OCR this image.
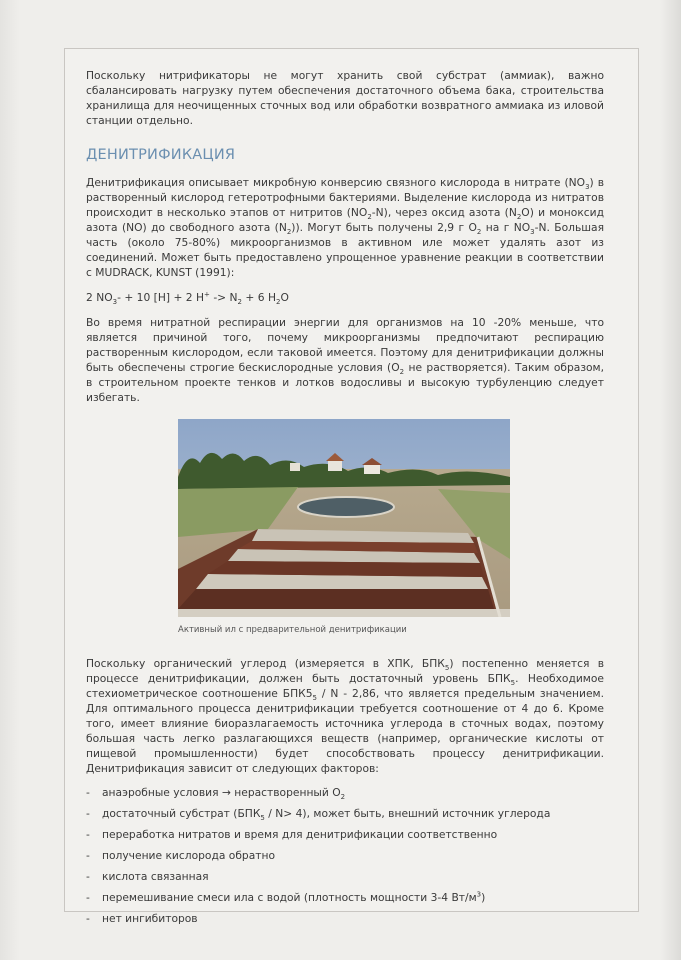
Поскольку нитрификаторы не могут хранить свой субстрат (аммиак), важно сбалансировать нагрузку путем обеспечения достаточного объема бака, строительства хранилища для неочищенных сточных вод или обработки возвратного аммиака из иловой станции отдельно.

ДЕНИТРИФИКАЦИЯ

Денитрификация описывает микробную конверсию связного кислорода в нитрате $(NO_3)$ в растворенный кислород гетеротрофными бактериями. Выделение кислорода из нитратов происходит в несколько этапов от нитритов $(NO_2-N)$, через оксид азота $(N_2O)$ и моноксид азота (NO) до свободного азота $(N_2)$). Могут быть получены 2,9 г $O_2$ на г $NO_3-N$. Большая часть (около 75-80%) микроорганизмов в активном иле может удалять азот из соединений. Может быть предоставлено упрощенное уравнение реакции в соответствии с MUDRACK, KUNST (1991):

2 $NO_3- + 10$ [H] + 2 $H^+ -> N_2 + 6$ $H_2O$

Во время нитратной респирации энергии для организмов на 10 -20% меньше, что является причиной того, почему микроорганизмы предпочитают респирацию растворенным кислородом, если таковой имеется. Поэтому для денитрификации должны быть обеспечены строгие бескислородные условия ($O_2$ не растворяется). Таким образом, в строительном проекте тенков и лотков водосливы и высокую турбуленцию следует избегать.

Активный ил с предварительной денитрификации

Поскольку органический углерод (измеряется в ХПК, $БПК_5$) постепенно меняется в процессе денитрификации, должен быть достаточный уровень $БПК_5$. Необходимое стехиометрическое соотношение $БПК5_5$ / N - 2,86, что является предельным значением. Для оптимального процесса денитрификации требуется соотношение от 4 до 6. Кроме того, имеет влияние биоразлагаемость источника углерода в сточных водах, поэтому большая часть легко разлагающихся веществ (например, органические кислоты от пищевой промышленности) будет способствовать процессу денитрификации. Денитрификация зависит от следующих факторов:

- анаэробные условия → нерастворенный $O_2$
- достаточный субстрат $(БПК_5 / N> 4)$, может быть, внешний источник углерода
- переработка нитратов и время для денитрификации соответственно
- получение кислорода обратно
- кислота связанная
- перемешивание смеси ила с водой (плотность мощности 3-4 $Вт/м^3$)
- нет ингибиторов
